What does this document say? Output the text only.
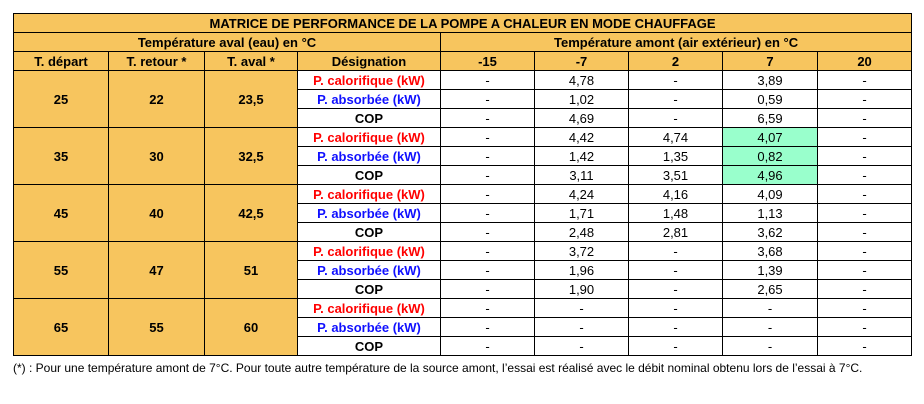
MATRICE DE PERFORMANCE DE LA POMPE A CHALEUR EN MODE CHAUFFAGE								
Température aval (eau) en °C				Température amont (air extérieur) en °C				
T. départ	T. retour *	T. aval *	Désignation	-15	-7	2	7	20
25	22	23,5	P. calorifique (kW)	-	4,78	-	3,89	-
			P. absorbée (kW)	-	1,02	-	0,59	-
			COP	-	4,69	-	6,59	-
35	30	32,5	P. calorifique (kW)	-	4,42	4,74	4,07	-
			P. absorbée (kW)	-	1,42	1,35	0,82	-
			COP	-	3,11	3,51	4,96	-
45	40	42,5	P. calorifique (kW)	-	4,24	4,16	4,09	-
			P. absorbée (kW)	-	1,71	1,48	1,13	-
			COP	-	2,48	2,81	3,62	-
55	47	51	P. calorifique (kW)	-	3,72	-	3,68	-
			P. absorbée (kW)	-	1,96	-	1,39	-
			COP	-	1,90	-	2,65	-
65	55	60	P. calorifique (kW)	-	-	-	-	-
			P. absorbée (kW)	-	-	-	-	-
			COP	-	-	-	-	-
(*) : Pour une température amont de 7°C. Pour toute autre température de la source amont, l’essai est réalisé avec le débit nominal obtenu lors de l’essai à 7°C.
